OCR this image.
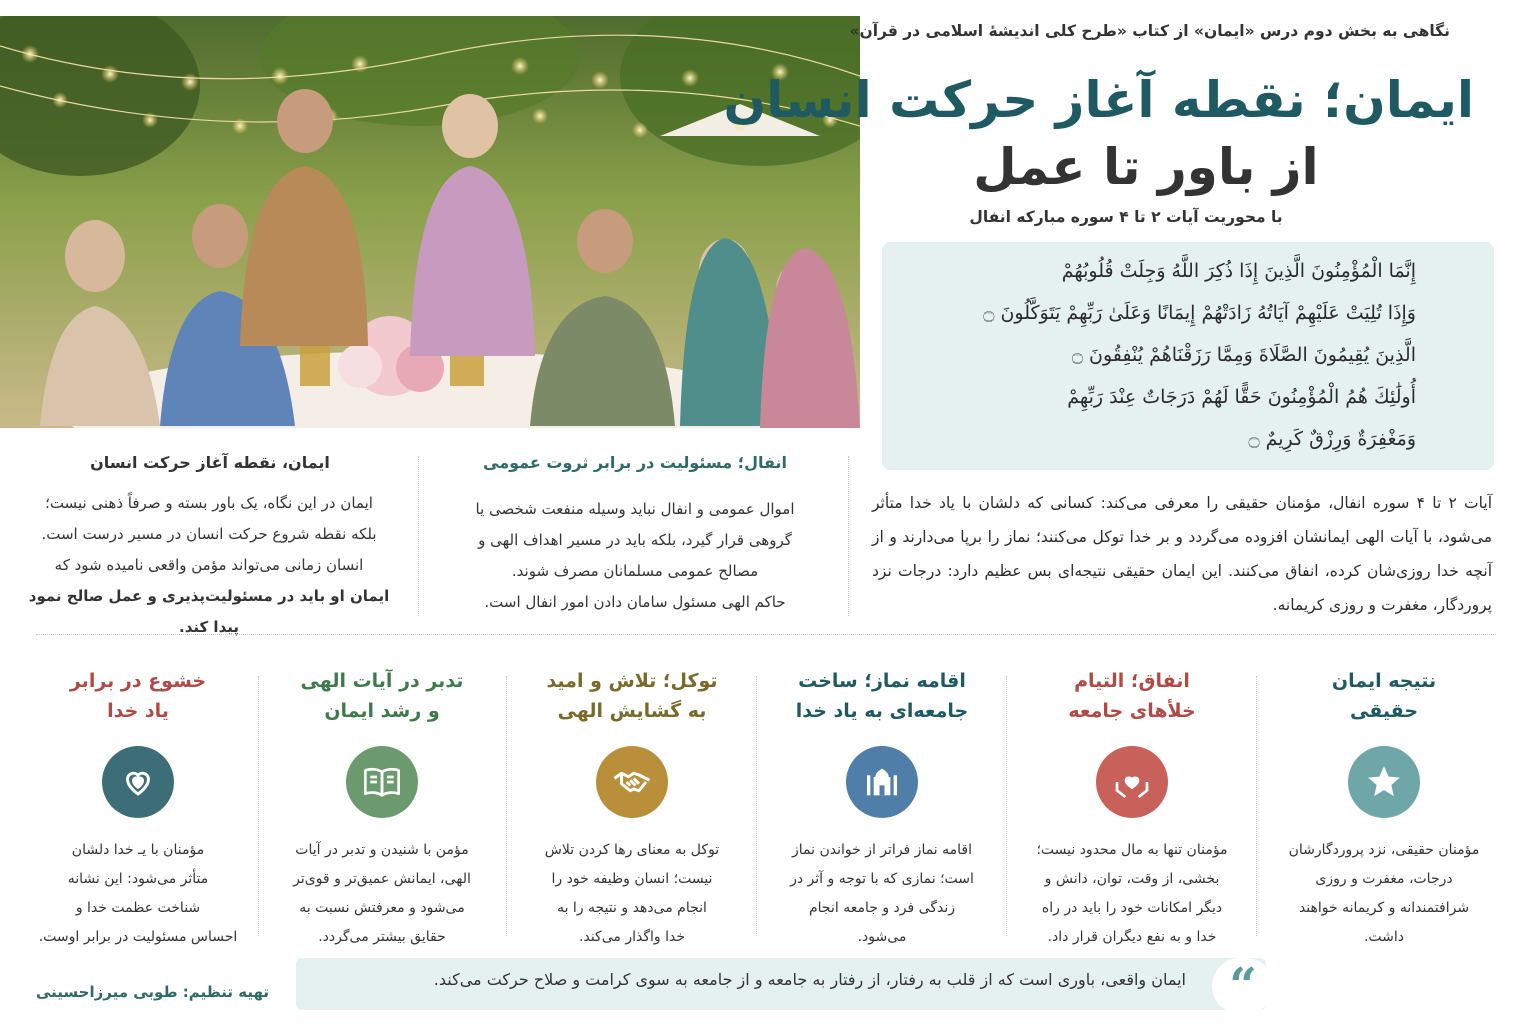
نگاهی به بخش دوم درس «ایمان» از کتاب «طرح کلی اندیشهٔ اسلامی در قرآن»
ایمان؛ نقطه آغاز حرکت انسان
از باور تا عمل
با محوریت آیات ۲ تا ۴ سوره مبارکه انفال
إِنَّمَا الْمُؤْمِنُونَ الَّذِينَ إِذَا ذُكِرَ اللَّهُ وَجِلَتْ قُلُوبُهُمْ
وَإِذَا تُلِيَتْ عَلَيْهِمْ آيَاتُهُ زَادَتْهُمْ إِيمَانًا وَعَلَىٰ رَبِّهِمْ يَتَوَكَّلُونَ ۝
الَّذِينَ يُقِيمُونَ الصَّلَاةَ وَمِمَّا رَزَقْنَاهُمْ يُنْفِقُونَ ۝
أُولَٰئِكَ هُمُ الْمُؤْمِنُونَ حَقًّا لَهُمْ دَرَجَاتٌ عِنْدَ رَبِّهِمْ
وَمَغْفِرَةٌ وَرِزْقٌ كَرِيمٌ ۝
آیات ۲ تا ۴ سوره انفال، مؤمنان حقیقی را معرفی می‌کند: کسانی که دلشان با یاد خدا متأثر می‌شود، با آیات الهی ایمانشان افزوده می‌گردد و بر خدا توکل می‌کنند؛ نماز را برپا می‌دارند و از آنچه خدا روزی‌شان کرده، انفاق می‌کنند. این ایمان حقیقی نتیجه‌ای بس عظیم دارد: درجات نزد پروردگار، مغفرت و روزی کریمانه.
ایمان، نقطه آغاز حرکت انسان
ایمان در این نگاه، یک باور بسته و صرفاً ذهنی نیست؛
بلکه نقطه شروع حرکت انسان در مسیر درست است.
انسان زمانی می‌تواند مؤمن واقعی نامیده شود که
ایمان او باید در مسئولیت‌پذیری و عمل صالح نمود پیدا کند.
انفال؛ مسئولیت در برابر ثروت عمومی
اموال عمومی و انفال نباید وسیله منفعت شخصی یا
گروهی قرار گیرد، بلکه باید در مسیر اهداف الهی و
مصالح عمومی مسلمانان مصرف شوند.
حاکم الهی مسئول سامان دادن امور انفال است.
نتیجه ایمان
حقیقی
مؤمنان حقیقی، نزد پروردگارشان
درجات، مغفرت و روزی
شرافتمندانه و کریمانه خواهند
داشت.
انفاق؛ التیام
خلأهای جامعه
مؤمنان تنها به مال محدود نیست؛
بخشی، از وقت، توان، دانش و
دیگر امکانات خود را باید در راه
خدا و به نفع دیگران قرار داد.
اقامه نماز؛ ساخت
جامعه‌ای به یاد خدا
اقامه نماز فراتر از خواندن نماز
است؛ نمازی که با توجه و آثر در
زندگی فرد و جامعه انجام
می‌شود.
توکل؛ تلاش و امید
به گشایش الهی
توکل به معنای رها کردن تلاش
نیست؛ انسان وظیفه خود را
انجام می‌دهد و نتیجه را به
خدا واگذار می‌کند.
تدبر در آیات الهی
و رشد ایمان
مؤمن با شنیدن و تدبر در آیات
الهی، ایمانش عمیق‌تر و قوی‌تر
می‌شود و معرفتش نسبت به
حقایق بیشتر می‌گردد.
خشوع در برابر
یاد خدا
مؤمنان با یـ خدا دلشان
متأثر می‌شود: این نشانه
شناخت عظمت خدا و
احساس مسئولیت در برابر اوست.
ایمان واقعی، باوری است که از قلب به رفتار، از رفتار به جامعه و از جامعه به سوی کرامت و صلاح حرکت می‌کند. “
تهیه تنظیم: طوبی میرزاحسینی
